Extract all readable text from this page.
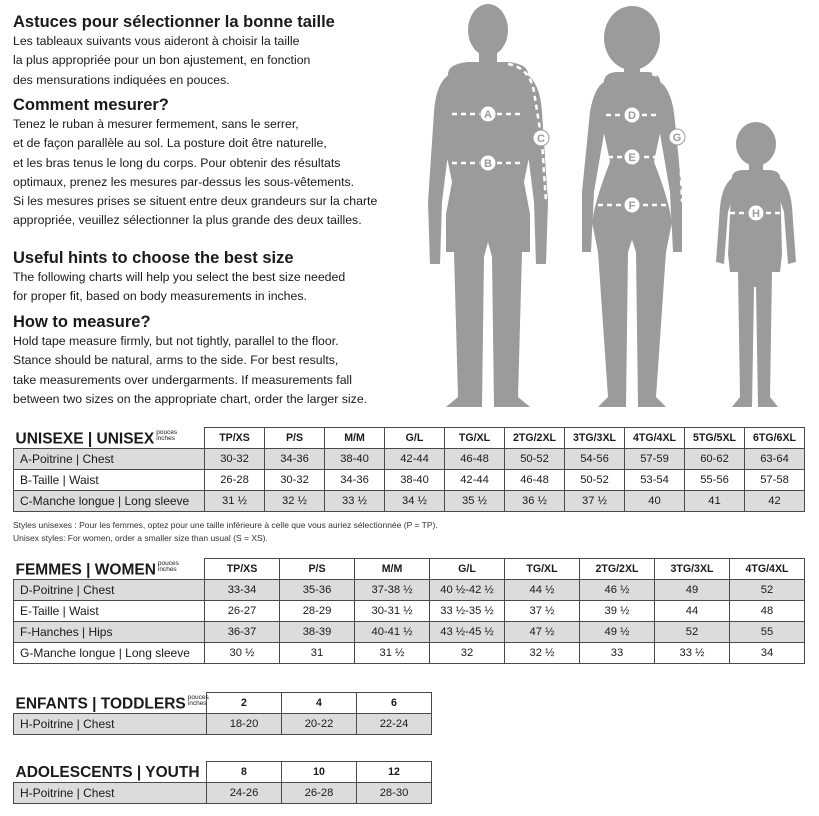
Astuces pour sélectionner la bonne taille

Les tableaux suivants vous aideront à choisir la taille

la plus appropriée pour un bon ajustement, en fonction

des mensurations indiquées en pouces.

Comment mesurer?

Tenez le ruban à mesurer fermement, sans le serrer,

et de façon parallèle au sol. La posture doit être naturelle,

et les bras tenus le long du corps. Pour obtenir des résultats

optimaux, prenez les mesures par-dessus les sous-vêtements.

Si les mesures prises se situent entre deux grandeurs sur la charte

appropriée, veuillez sélectionner la plus grande des deux tailles.

Useful hints to choose the best size

The following charts will help you select the best size needed

for proper fit, based on body measurements in inches.

How to measure?

Hold tape measure firmly, but not tightly, parallel to the floor.

Stance should be natural, arms to the side. For best results,

take measurements over undergarments. If measurements fall

between two sizes on the appropriate chart, order the larger size.

A
B
C
D
E
F
G
H
UNISEXE | UNISEX pouces
inches	TP/XS	P/S	M/M	G/L	TG/XL	2TG/2XL	3TG/3XL	4TG/4XL	5TG/5XL	6TG/6XL
A-Poitrine | Chest	30-32	34-36	38-40	42-44	46-48	50-52	54-56	57-59	60-62	63-64
B-Taille | Waist	26-28	30-32	34-36	38-40	42-44	46-48	50-52	53-54	55-56	57-58
C-Manche longue | Long sleeve	31 ½	32 ½	33 ½	34 ½	35 ½	36 ½	37 ½	40	41	42

Styles unisexes : Pour les femmes, optez pour une taille inférieure à celle que vous auriez sélectionnée (P = TP).

Unisex styles: For women, order a smaller size than usual (S = XS).

FEMMES | WOMEN pouces
inches	TP/XS	P/S	M/M	G/L	TG/XL	2TG/2XL	3TG/3XL	4TG/4XL
D-Poitrine | Chest	33-34	35-36	37-38 ½	40 ½-42 ½	44 ½	46 ½	49	52
E-Taille | Waist	26-27	28-29	30-31 ½	33 ½-35 ½	37 ½	39 ½	44	48
F-Hanches | Hips	36-37	38-39	40-41 ½	43 ½-45 ½	47 ½	49 ½	52	55
G-Manche longue | Long sleeve	30 ½	31	31 ½	32	32 ½	33	33 ½	34
ENFANTS | TODDLERS pouces
inches	2	4	6
H-Poitrine | Chest	18-20	20-22	22-24
ADOLESCENTS | YOUTH	8	10	12
H-Poitrine | Chest	24-26	26-28	28-30
